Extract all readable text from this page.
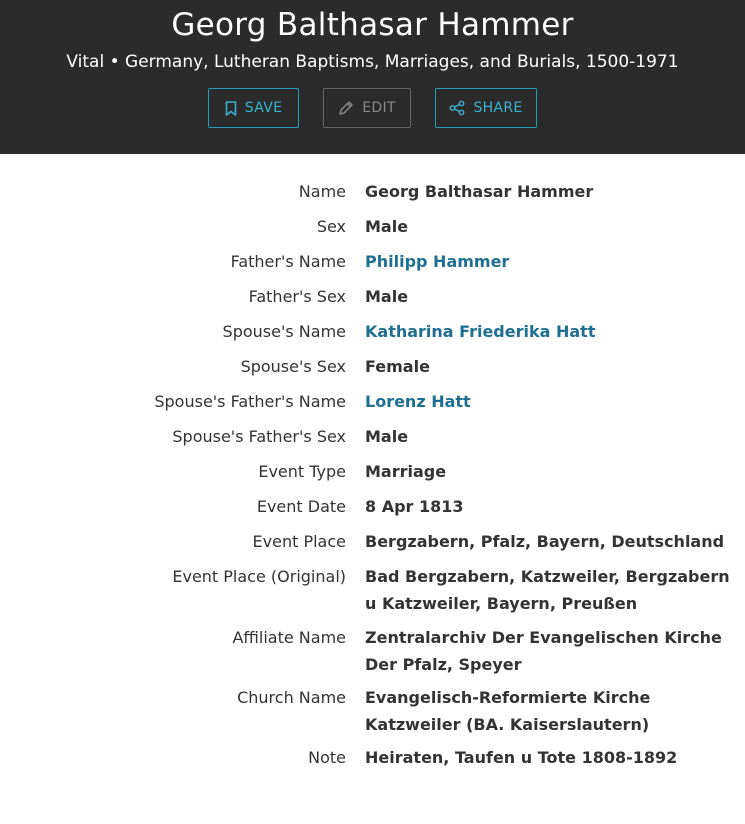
Georg Balthasar Hammer
Vital • Germany, Lutheran Baptisms, Marriages, and Burials, 1500-1971
SAVE	EDIT	SHARE
Name Georg Balthasar Hammer
Sex Male
Father's Name Philipp Hammer
Father's Sex Male
Spouse's Name Katharina Friederika Hatt
Spouse's Sex Female
Spouse's Father's Name Lorenz Hatt
Spouse's Father's Sex Male
Event Type Marriage
Event Date 8 Apr 1813
Event Place Bergzabern, Pfalz, Bayern, Deutschland
Event Place (Original) Bad Bergzabern, Katzweiler, Bergzabern u Katzweiler, Bayern, Preußen
Affiliate Name Zentralarchiv Der Evangelischen Kirche Der Pfalz, Speyer
Church Name Evangelisch-Reformierte Kirche Katzweiler (BA. Kaiserslautern)
Note Heiraten, Taufen u Tote 1808-1892
